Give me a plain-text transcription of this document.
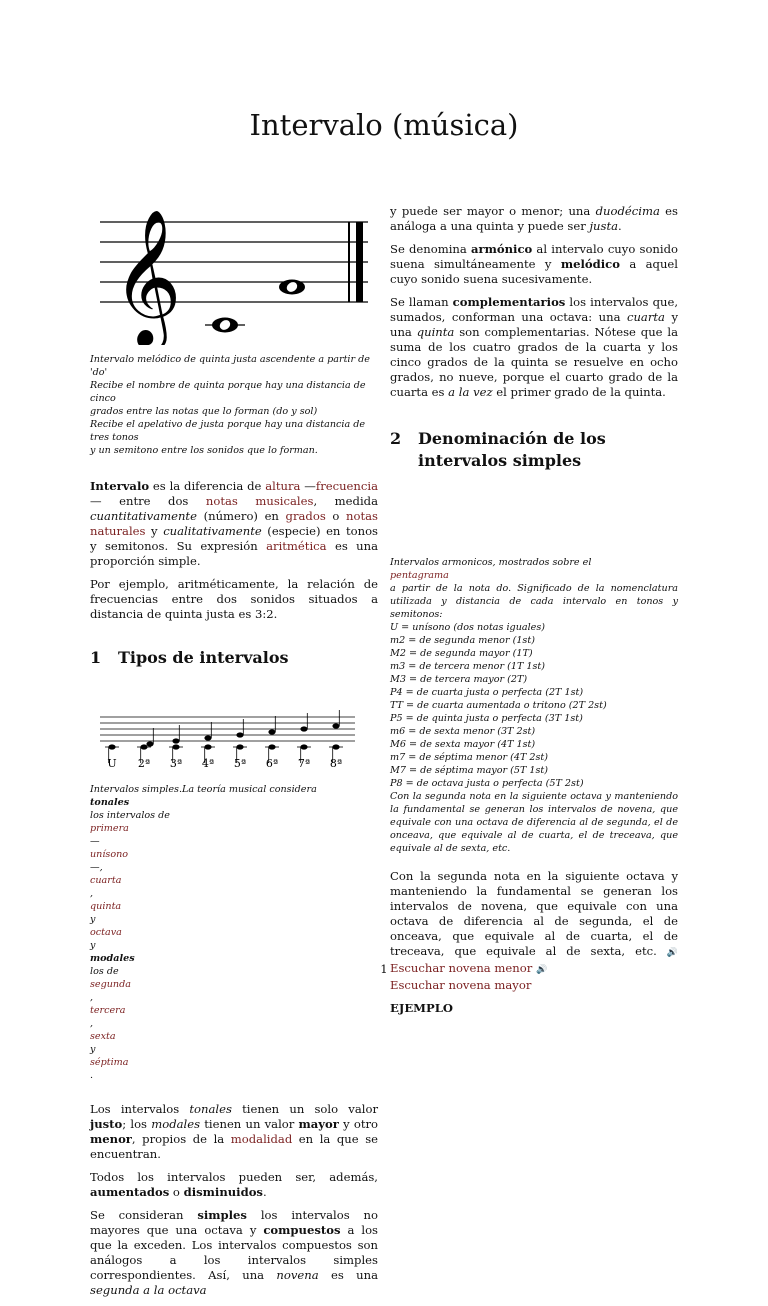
Intervalo (música)
𝄞
Intervalo melódico de quinta justa ascendente a partir de 'do'
Recibe el nombre de quinta porque hay una distancia de cinco
grados entre las notas que lo forman (do y sol)
Recibe el apelativo de justa porque hay una distancia de tres tonos
y un semitono entre los sonidos que lo forman.

Intervalo es la diferencia de altura —frecuencia— entre dos notas musicales, medida cuantitativamente (número) en grados o notas naturales y cualitativamente (especie) en tonos y semitonos. Su expresión aritmética es una proporción simple.

Por ejemplo, aritméticamente, la relación de frecuencias entre dos sonidos situados a distancia de quinta justa es 3:2.

1 Tipos de intervalos
U 2ª 3ª 4ª 5ª 6ª 7ª 8ª

Intervalos simples.La teoría musical considera
tonales
los intervalos de
primera
—
unísono
—,
cuarta
,
quinta
y
octava
y
modales
los de
segunda
,
tercera
,
sexta
y
séptima
.

Los intervalos tonales tienen un solo valor justo; los modales tienen un valor mayor y otro menor, propios de la modalidad en la que se encuentran.

Todos los intervalos pueden ser, además, aumentados o disminuidos.

Se consideran simples los intervalos no mayores que una octava y compuestos a los que la exceden. Los intervalos compuestos son análogos a los intervalos simples correspondientes. Así, una novena es una segunda a la octava

y puede ser mayor o menor; una duodécima es análoga a una quinta y puede ser justa.

Se denomina armónico al intervalo cuyo sonido suena simultáneamente y melódico a aquel cuyo sonido suena sucesivamente.

Se llaman complementarios los intervalos que, sumados, conforman una octava: una cuarta y una quinta son complementarias. Nótese que la suma de los cuatro grados de la cuarta y los cinco grados de la quinta se resuelve en ocho grados, no nueve, porque el cuarto grado de la cuarta es a la vez el primer grado de la quinta.

2	Denominación de los intervalos simples
Intervalos armonicos, mostrados sobre el
pentagrama
a partir de la nota do. Significado de la nomenclatura utilizada y distancia de cada intervalo en tonos y semitonos:
U = unísono (dos notas iguales)
m2 = de segunda menor (1st)
M2 = de segunda mayor (1T)
m3 = de tercera menor (1T 1st)
M3 = de tercera mayor (2T)
P4 = de cuarta justa o perfecta (2T 1st)
TT = de cuarta aumentada o tritono (2T 2st)
P5 = de quinta justa o perfecta (3T 1st)
m6 = de sexta menor (3T 2st)
M6 = de sexta mayor (4T 1st)
m7 = de séptima menor (4T 2st)
M7 = de séptima mayor (5T 1st)
P8 = de octava justa o perfecta (5T 2st)
Con la segunda nota en la siguiente octava y manteniendo la fundamental se generan los intervalos de novena, que equivale con una octava de diferencia al de segunda, el de onceava, que equivale al de cuarta, el de treceava, que equivale al de sexta, etc.

Con la segunda nota en la siguiente octava y manteniendo la fundamental se generan los intervalos de novena, que equivale con una octava de diferencia al de segunda, el de onceava, que equivale al de cuarta, el de treceava, que equivale al de sexta, etc. 🔊 Escuchar novena menor 🔊
Escuchar novena mayor

EJEMPLO

1
